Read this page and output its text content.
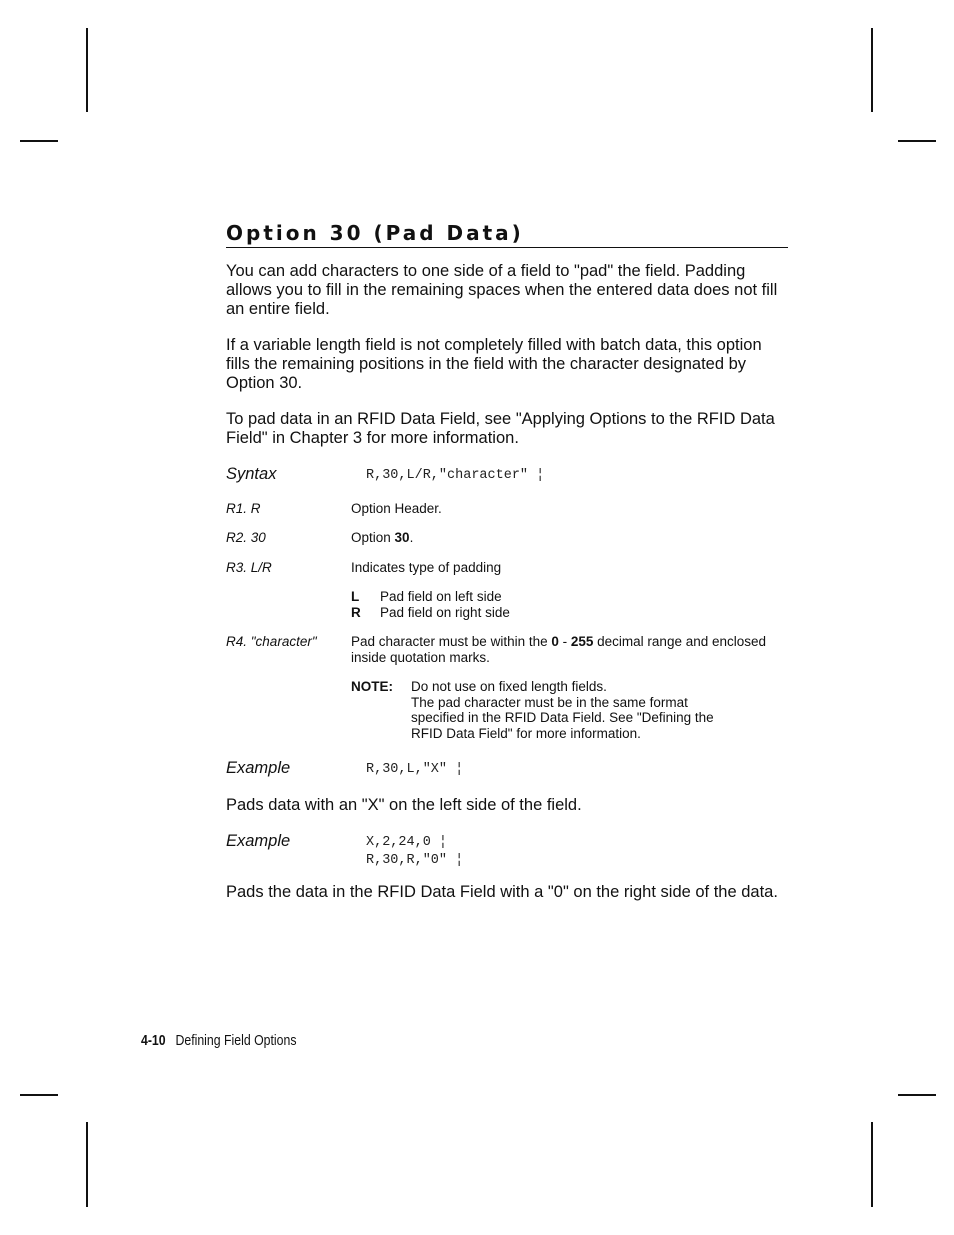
Option 30 (Pad Data)

You can add characters to one side of a field to "pad" the field. Padding allows you to fill in the remaining spaces when the entered data does not fill an entire field.

If a variable length field is not completely filled with batch data, this option fills the remaining positions in the field with the character designated by Option 30.

To pad data in an RFID Data Field, see "Applying Options to the RFID Data Field" in Chapter 3 for more information.

Syntax	R,30,L/R,"character" ¦
R1. R	Option Header.
R2. 30	Option 30.
R3. L/R	Indicates type of padding
L Pad field on left side
R Pad field on right side
R4. "character"	Pad character must be within the 0 - 255 decimal range and enclosed inside quotation marks.
NOTE: Do not use on fixed length fields.
The pad character must be in the same format
specified in the RFID Data Field. See "Defining the
RFID Data Field" for more information.
Example	R,30,L,"X" ¦

Pads data with an "X" on the left side of the field.

Example	X,2,24,0 ¦
R,30,R,"0" ¦

Pads the data in the RFID Data Field with a "0" on the right side of the data.

4-10 Defining Field Options
